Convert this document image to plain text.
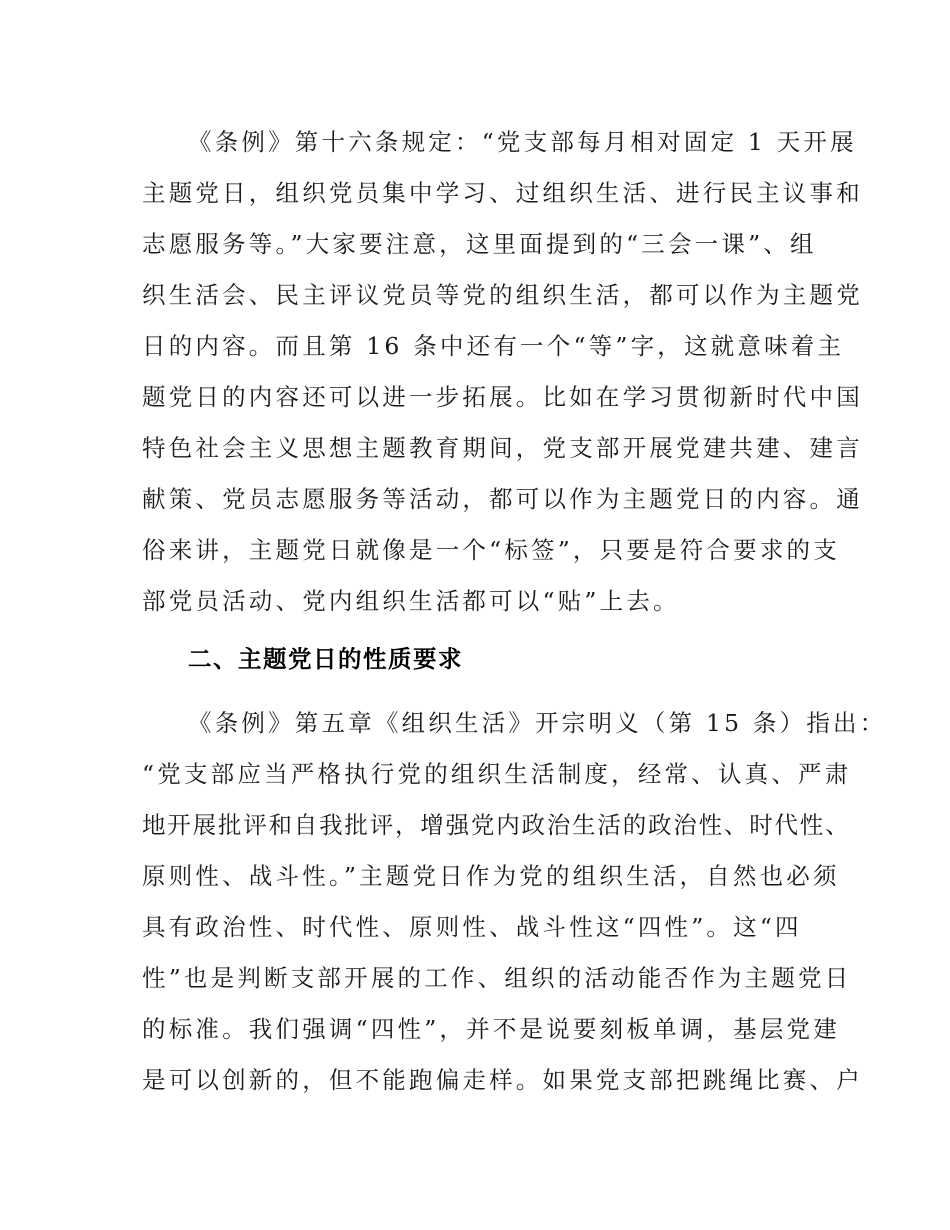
《条例》第十六条规定：“党支部每月相对固定 1 天开展
主题党日，组织党员集中学习、过组织生活、进行民主议事和
志愿服务等。”大家要注意，这里面提到的“三会一课”、组
织生活会、民主评议党员等党的组织生活，都可以作为主题党
日的内容。而且第 16 条中还有一个“等”字，这就意味着主
题党日的内容还可以进一步拓展。比如在学习贯彻新时代中国
特色社会主义思想主题教育期间，党支部开展党建共建、建言
献策、党员志愿服务等活动，都可以作为主题党日的内容。通
俗来讲，主题党日就像是一个“标签”，只要是符合要求的支
部党员活动、党内组织生活都可以“贴”上去。
二、主题党日的性质要求
《条例》第五章《组织生活》开宗明义（第 15 条）指出：
“党支部应当严格执行党的组织生活制度，经常、认真、严肃
地开展批评和自我批评，增强党内政治生活的政治性、时代性、
原则性、战斗性。”主题党日作为党的组织生活，自然也必须
具有政治性、时代性、原则性、战斗性这“四性”。这“四
性”也是判断支部开展的工作、组织的活动能否作为主题党日
的标准。我们强调“四性”，并不是说要刻板单调，基层党建
是可以创新的，但不能跑偏走样。如果党支部把跳绳比赛、户
